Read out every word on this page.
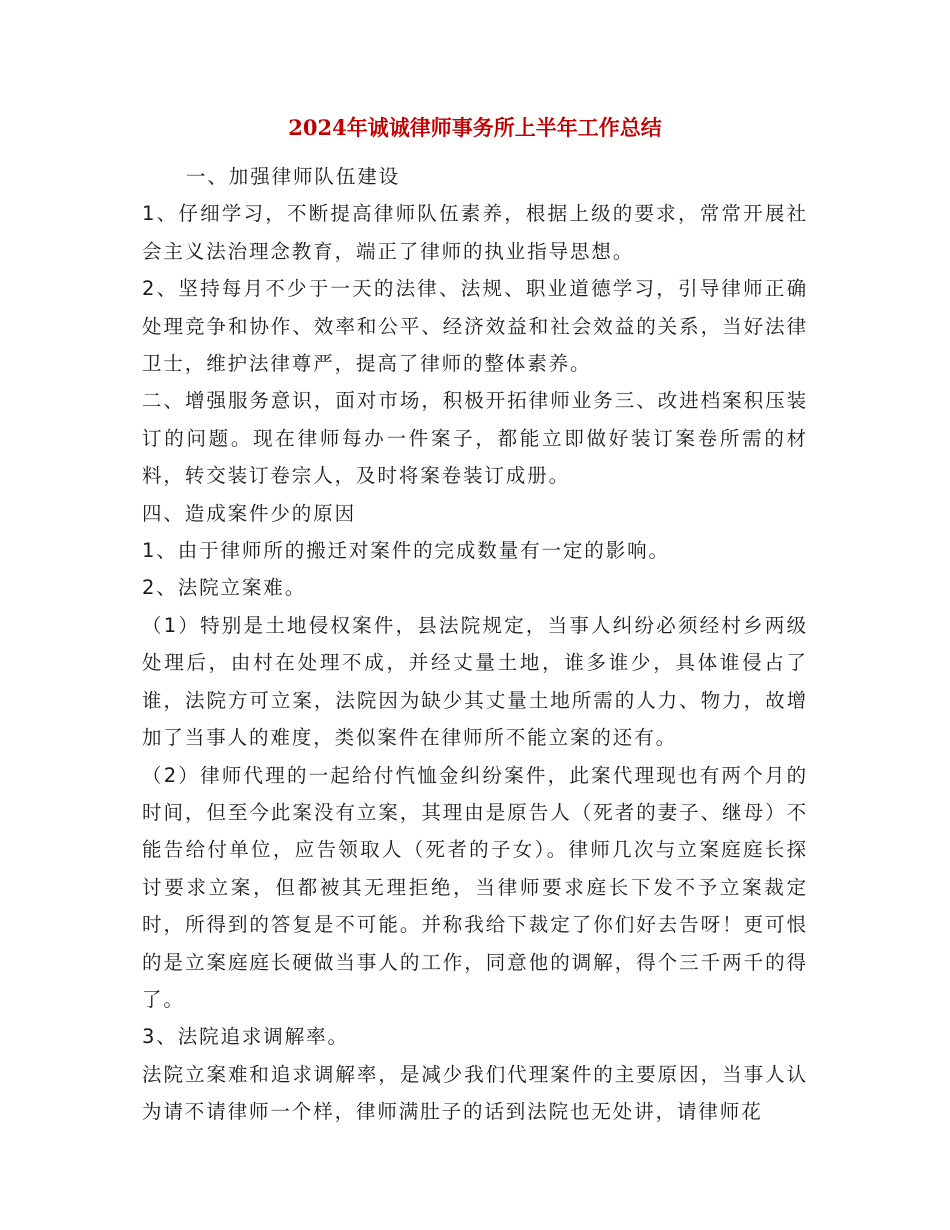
2024年诚诚律师事务所上半年工作总结

一、加强律师队伍建设

1、仔细学习，不断提高律师队伍素养，根据上级的要求，常常开展社会主义法治理念教育，端正了律师的执业指导思想。

2、坚持每月不少于一天的法律、法规、职业道德学习，引导律师正确处理竞争和协作、效率和公平、经济效益和社会效益的关系，当好法律卫士，维护法律尊严，提高了律师的整体素养。

二、增强服务意识，面对市场，积极开拓律师业务三、改进档案积压装订的问题。现在律师每办一件案子，都能立即做好装订案卷所需的材料，转交装订卷宗人，及时将案卷装订成册。

四、造成案件少的原因

1、由于律师所的搬迁对案件的完成数量有一定的影响。

2、法院立案难。

（1）特别是土地侵权案件，县法院规定，当事人纠纷必须经村乡两级处理后，由村在处理不成，并经丈量土地，谁多谁少，具体谁侵占了谁，法院方可立案，法院因为缺少其丈量土地所需的人力、物力，故增加了当事人的难度，类似案件在律师所不能立案的还有。

（2）律师代理的一起给付忾恤金纠纷案件，此案代理现也有两个月的时间，但至今此案没有立案，其理由是原告人（死者的妻子、继母）不能告给付单位，应告领取人（死者的子女）。律师几次与立案庭庭长探讨要求立案，但都被其无理拒绝，当律师要求庭长下发不予立案裁定时，所得到的答复是不可能。并称我给下裁定了你们好去告呀！更可恨的是立案庭庭长硬做当事人的工作，同意他的调解，得个三千两千的得了。

3、法院追求调解率。

法院立案难和追求调解率，是减少我们代理案件的主要原因，当事人认为请不请律师一个样，律师满肚子的话到法院也无处讲，请律师花
